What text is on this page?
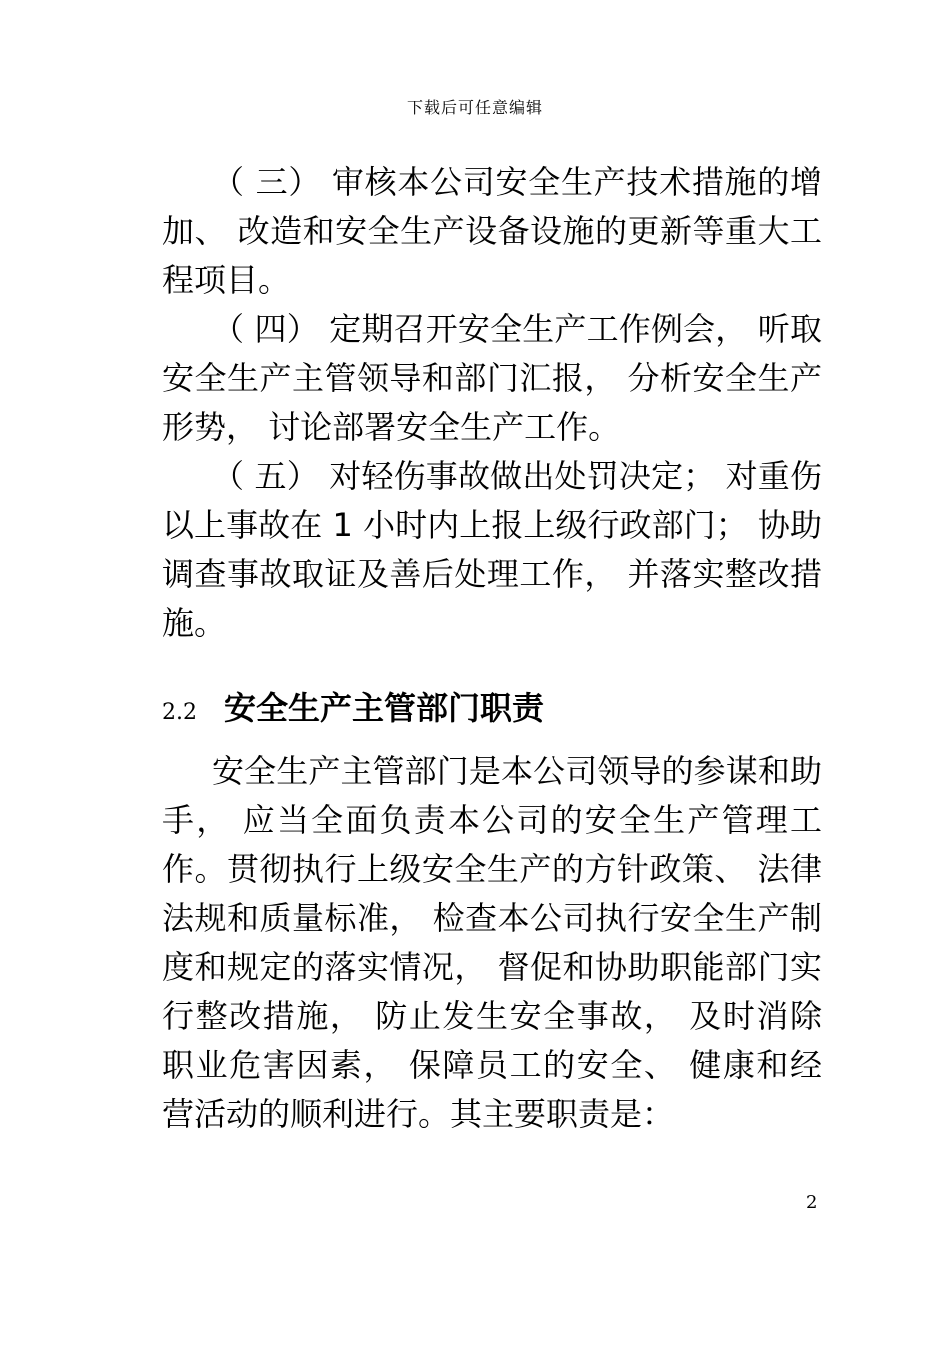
下载后可任意编辑

（ 三） 审核本公司安全生产技术措施的增加、 改造和安全生产设备设施的更新等重大工程项目。

（ 四） 定期召开安全生产工作例会， 听取安全生产主管领导和部门汇报， 分析安全生产形势， 讨论部署安全生产工作。

（ 五） 对轻伤事故做出处罚决定； 对重伤以上事故在 1 小时内上报上级行政部门； 协助调查事故取证及善后处理工作， 并落实整改措施。

2.2 安全生产主管部门职责

安全生产主管部门是本公司领导的参谋和助手， 应当全面负责本公司的安全生产管理工作。贯彻执行上级安全生产的方针政策、 法律法规和质量标准， 检查本公司执行安全生产制度和规定的落实情况， 督促和协助职能部门实行整改措施， 防止发生安全事故， 及时消除职业危害因素， 保障员工的安全、 健康和经营活动的顺利进行。其主要职责是：

2
